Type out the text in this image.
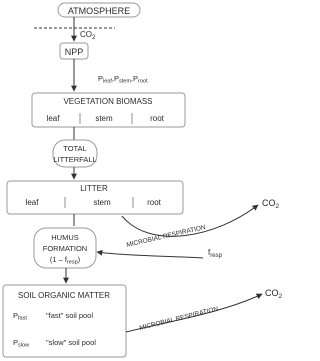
ATMOSPHERE
$CO_2$
NPP
$P_{leaf},P_{stem},P_{root}$
VEGETATION BIOMASS
leaf	stem	root
TOTAL
LITTERFALL
LITTER
leaf	stem	root
MICROBIAL RESPIRATION
$CO_2$
$f_{resp}$
HUMUS
FORMATION
$(1 - f_{resp})$
SOIL ORGANIC MATTER
$P_{fast}$	"fast" soil pool
$P_{slow}$ "slow" soil pool
MICROBIAL RESPIRATION
$CO_2$
